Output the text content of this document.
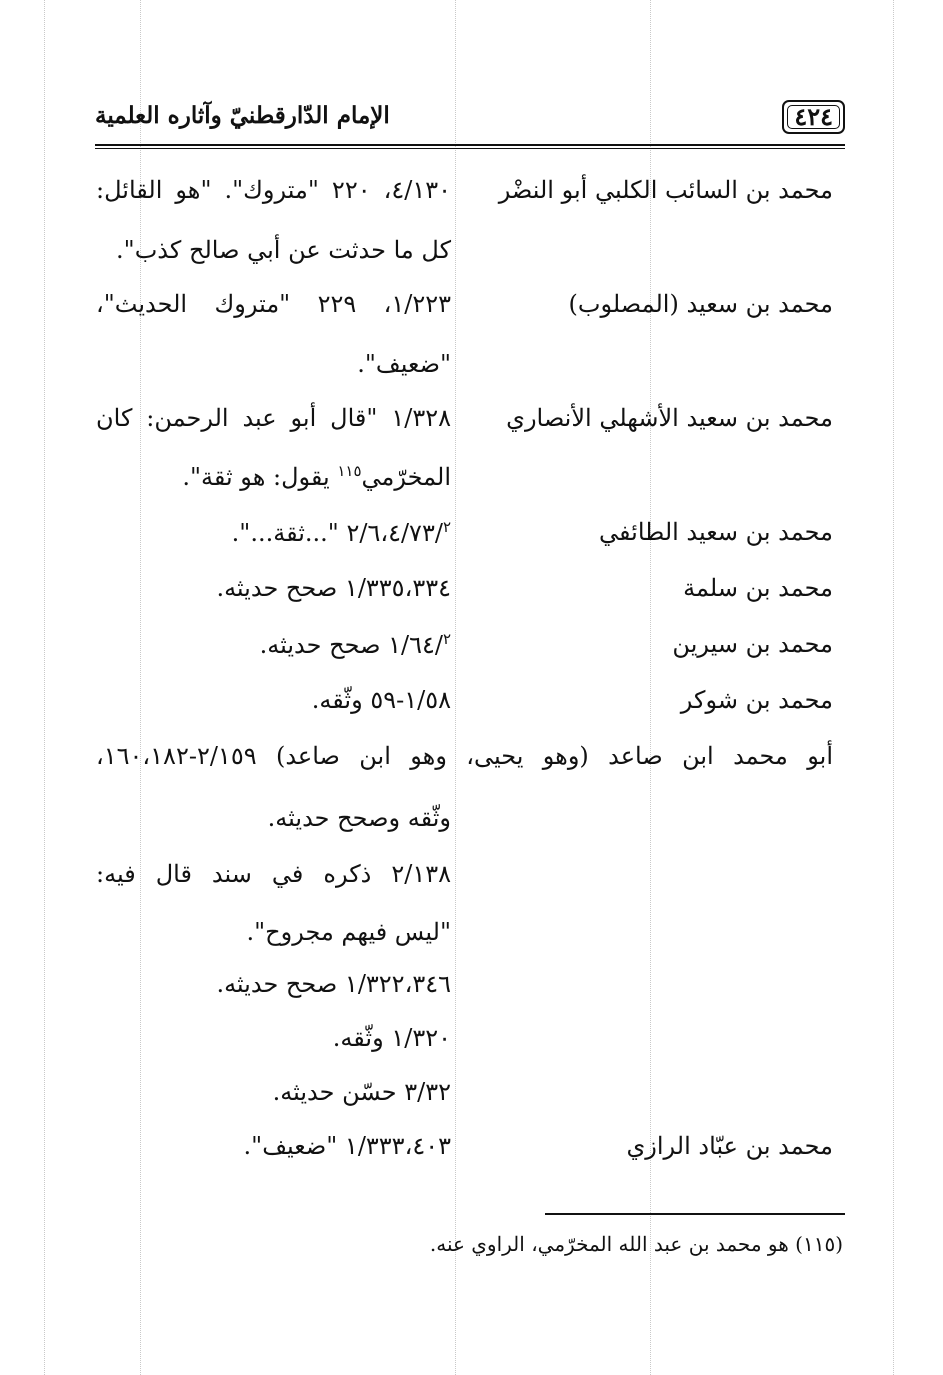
٤٢٤
الإمام الدّارقطنيّ وآثاره العلمية
محمد بن السائب الكلبي أبو النضْر
٤/١٣٠، ٢٢٠ "متروك". "هو القائل:
كل ما حدثت عن أبي صالح كذب".
محمد بن سعيد (المصلوب)
١/٢٢٣، ٢٢٩ "متروك الحديث"،
"ضعيف".
محمد بن سعيد الأشهلي الأنصاري
١/٣٢٨ "قال أبو عبد الرحمن: كان
المخرّمي$^{١١٥}$ يقول: هو ثقة".
محمد بن سعيد الطائفي
٢/٦،٤/٧٣/$^٢$ "...ثقة...".
محمد بن سلمة
١/٣٣٥،٣٣٤ صحح حديثه.
محمد بن سيرين
١/٦٤/$^٢$ صحح حديثه.
محمد بن شوكر
١/٥٨-٥٩ وثّقه.
أبو محمد ابن صاعد (وهو يحيى، وهو ابن صاعد) ٢/١٥٩-١٦٠،١٨٢،
وثّقه وصحح حديثه.
٢/١٣٨ ذكره في سند قال فيه:
"ليس فيهم مجروح".
١/٣٢٢،٣٤٦ صحح حديثه.
١/٣٢٠ وثّقه.
٣/٣٢ حسّن حديثه.
محمد بن عبّاد الرازي
١/٣٣٣،٤٠٣ "ضعيف".
(١١٥) هو محمد بن عبد الله المخرّمي، الراوي عنه.
